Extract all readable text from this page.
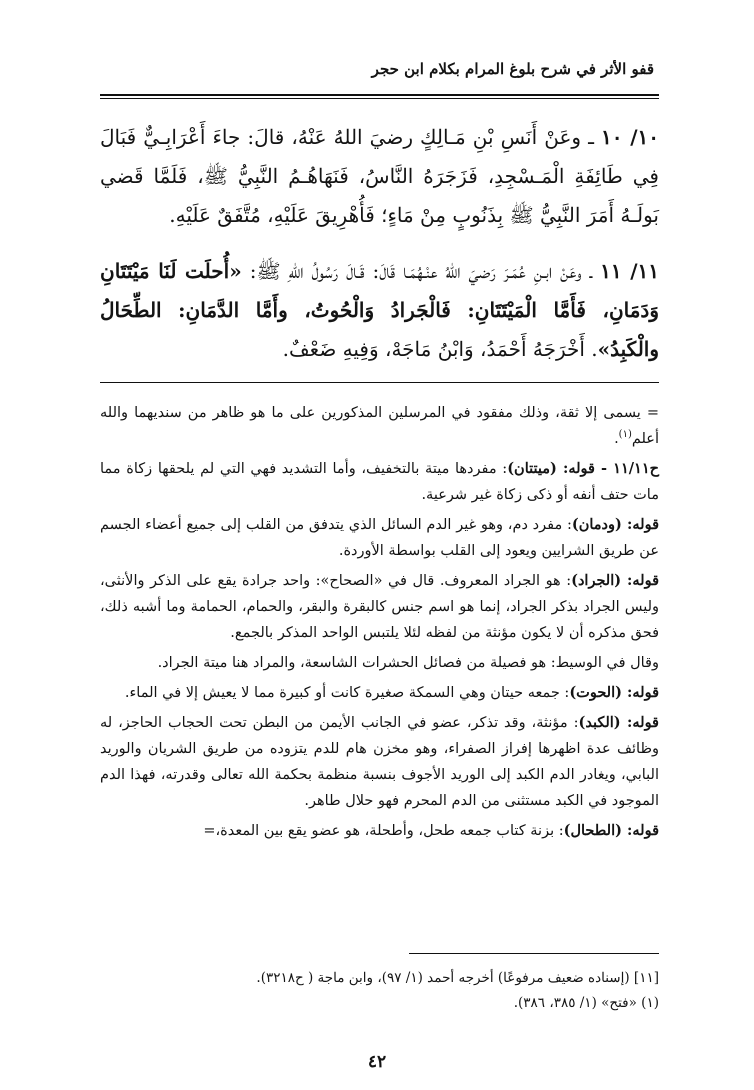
قفو الأثر في شرح بلوغ المرام بكلام ابن حجر

١٠/ ١٠ ـ وعَنْ أَنَسِ بْنِ مَـالِكٍ رضيَ اللهُ عَنْهُ، قالَ: جاءَ أَعْرَابِـيٌّ فَبَالَ فِي طَائِفَةِ الْمَـسْجِدِ، فَزَجَرَهُ النَّاسُ، فَنَهَاهُـمُ النَّبِيُّ ﷺ، فَلَمَّا قَضي بَولَـهُ أَمَرَ النَّبِيُّ ﷺ بِذَنُوبٍ مِنْ مَاءٍ؛ فَأُهْرِيقَ عَلَيْهِ، مُتَّفَقٌ عَلَيْهِ.

١١/ ١١ ـ وعَنْ ابـنِ عُمَـرَ رَضيَ اللهُ عنْـهُمَـا قَالَ: قَـالَ رَسُولُ اللهِ ﷺ: «أُحلَت لَنَا مَيْتَتَانِ وَدَمَانِ، فَأَمَّا الْمَيْتَتَانِ: فَالْجَرادُ وَالْحُوتُ، وأَمَّا الدَّمَانِ: الطِّحَالُ والْكَبِدُ». أَخْرَجَهُ أَحْمَدُ، وَابْنُ مَاجَهْ، وَفِيهِ ضَعْفٌ.

= يسمى إلا ثقة، وذلك مفقود في المرسلين المذكورين على ما هو ظاهر من سنديهما والله أعلم$^{(١)}$.

ح١١/١١ - قوله: (ميتتان): مفردها ميتة بالتخفيف، وأما التشديد فهي التي لم يلحقها زكاة مما مات حتف أنفه أو ذكى زكاة غير شرعية.

قوله: (ودمان): مفرد دم، وهو غير الدم السائل الذي يتدفق من القلب إلى جميع أعضاء الجسم عن طريق الشرايين ويعود إلى القلب بواسطة الأوردة.

قوله: (الجراد): هو الجراد المعروف. قال في «الصحاح»: واحد جرادة يقع على الذكر والأنثى، وليس الجراد بذكر الجراد، إنما هو اسم جنس كالبقرة والبقر، والحمام، الحمامة وما أشبه ذلك، فحق مذكره أن لا يكون مؤنثة من لفظه لئلا يلتبس الواحد المذكر بالجمع.

وقال في الوسيط: هو فصيلة من فصائل الحشرات الشاسعة، والمراد هنا ميتة الجراد.

قوله: (الحوت): جمعه حيتان وهي السمكة صغيرة كانت أو كبيرة مما لا يعيش إلا في الماء.

قوله: (الكبد): مؤنثة، وقد تذكر، عضو في الجانب الأيمن من البطن تحت الحجاب الحاجز، له وظائف عدة اظهرها إفراز الصفراء، وهو مخزن هام للدم يتزوده من طريق الشريان والوريد البابي، ويغادر الدم الكبد إلى الوريد الأجوف بنسبة منظمة بحكمة الله تعالى وقدرته، فهذا الدم الموجود في الكبد مستثنى من الدم المحرم فهو حلال طاهر.

قوله: (الطحال): بزنة كتاب جمعه طحل، وأطحلة، هو عضو يقع بين المعدة،=

[١١] (إسناده ضعيف مرفوعًا) أخرجه أحمد (١/ ٩٧)، وابن ماجة ( ح٣٢١٨).

(١) «فتح» (١/ ٣٨٥، ٣٨٦).

٤٢
